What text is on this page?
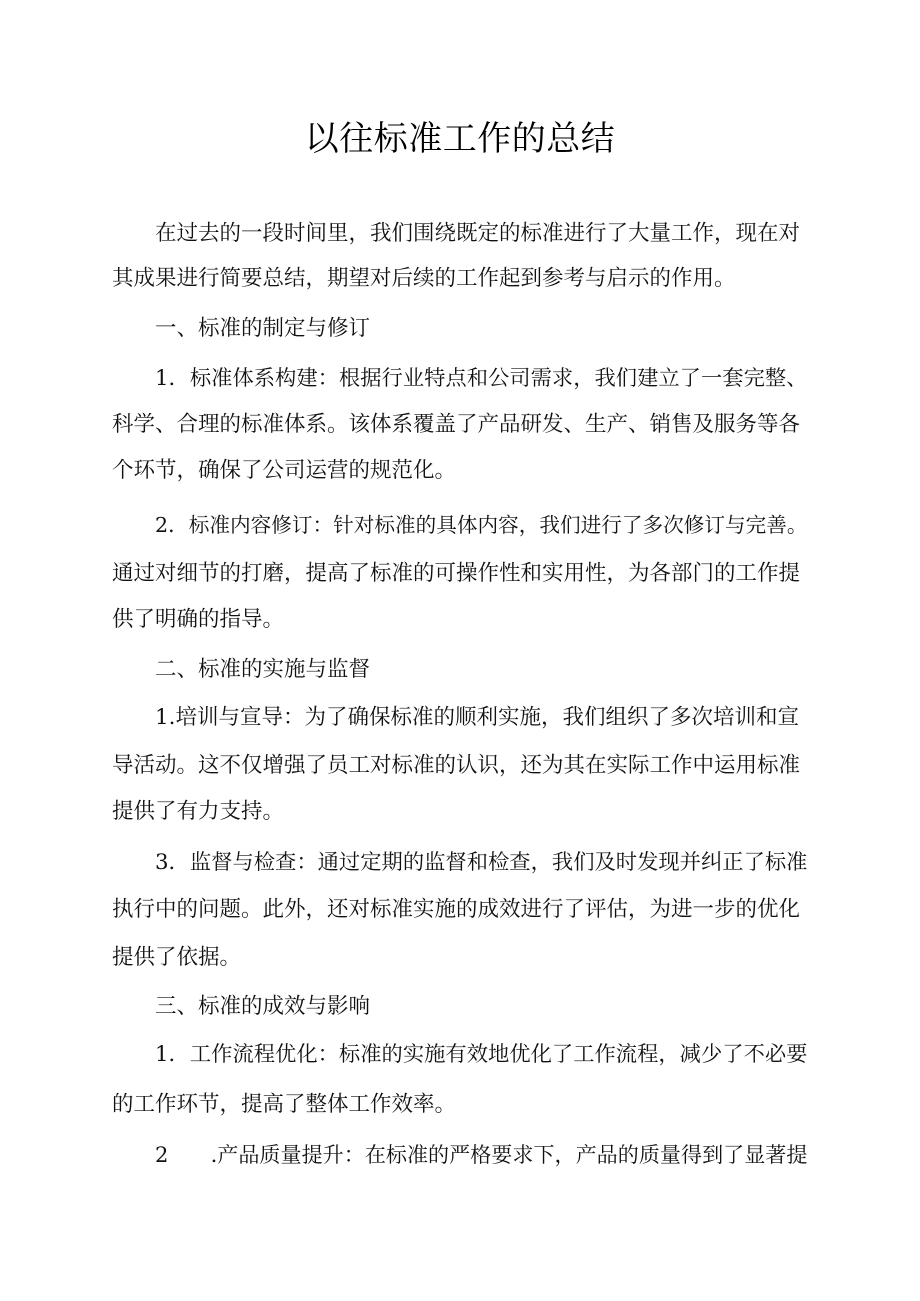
以往标准工作的总结
在过去的一段时间里，我们围绕既定的标准进行了大量工作，现在对
其成果进行简要总结，期望对后续的工作起到参考与启示的作用。
一、标准的制定与修订
1．标准体系构建：根据行业特点和公司需求，我们建立了一套完整、
科学、合理的标准体系。该体系覆盖了产品研发、生产、销售及服务等各
个环节，确保了公司运营的规范化。
2．标准内容修订：针对标准的具体内容，我们进行了多次修订与完善。
通过对细节的打磨，提高了标准的可操作性和实用性，为各部门的工作提
供了明确的指导。
二、标准的实施与监督
1.培训与宣导：为了确保标准的顺利实施，我们组织了多次培训和宣
导活动。这不仅增强了员工对标准的认识，还为其在实际工作中运用标准
提供了有力支持。
3．监督与检查：通过定期的监督和检查，我们及时发现并纠正了标准
执行中的问题。此外，还对标准实施的成效进行了评估，为进一步的优化
提供了依据。
三、标准的成效与影响
1．工作流程优化：标准的实施有效地优化了工作流程，减少了不必要
的工作环节，提高了整体工作效率。
2　　.产品质量提升：在标准的严格要求下，产品的质量得到了显著提
